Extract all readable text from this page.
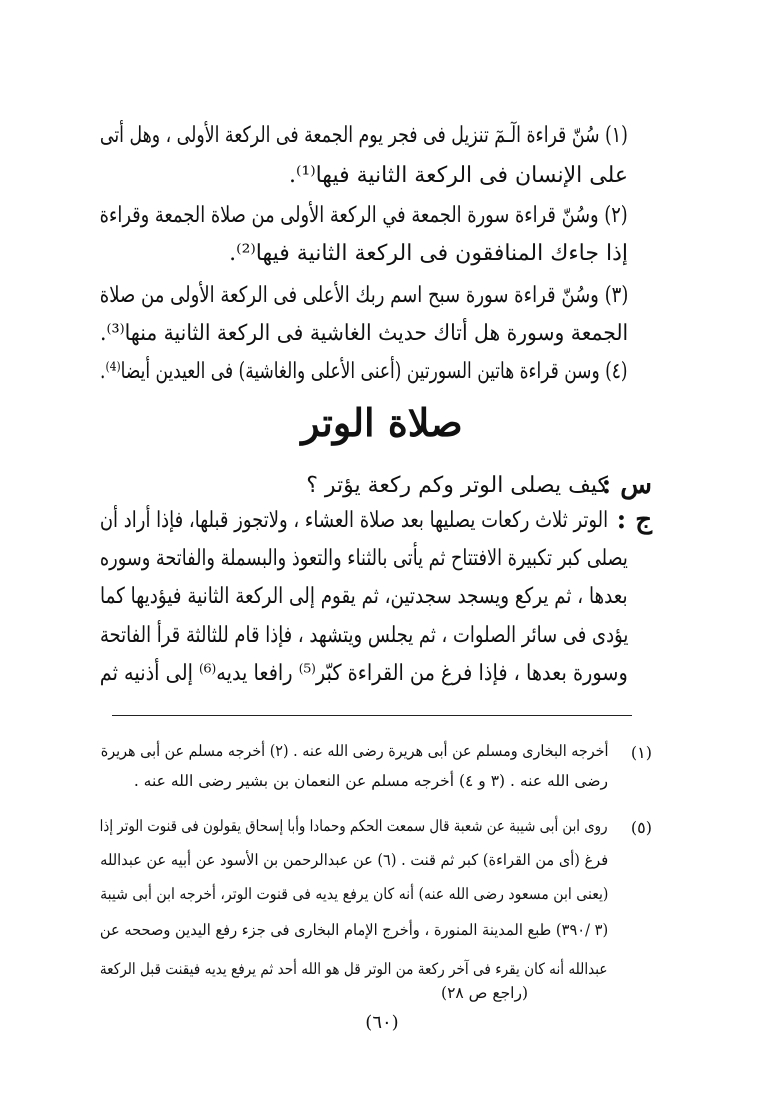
(١) سُنّ قراءة الٓـمٓ تنزيل فى فجر يوم الجمعة فى الركعة الأولى ، وهل أتى
على الإنسان فى الركعة الثانية فيها⁽¹⁾.
(٢) وسُنّ قراءة سورة الجمعة في الركعة الأولى من صلاة الجمعة وقراءة
إذا جاءك المنافقون فى الركعة الثانية فيها⁽²⁾.
(٣) وسُنّ قراءة سورة سبح اسم ربك الأعلى فى الركعة الأولى من صلاة
الجمعة وسورة هل أتاك حديث الغاشية فى الركعة الثانية منها⁽³⁾.
(٤) وسن قراءة هاتين السورتين (أعنى الأعلى والغاشية) فى العيدين أيضا⁽⁴⁾.
صلاة الوتر
س :
كيف يصلى الوتر وكم ركعة يؤتر ؟
ج :
الوتر ثلاث ركعات يصليها بعد صلاة العشاء ، ولاتجوز قبلها، فإذا أراد أن
يصلى كبر تكبيرة الافتتاح ثم يأتى بالثناء والتعوذ والبسملة والفاتحة وسوره
بعدها ، ثم يركع ويسجد سجدتين، ثم يقوم إلى الركعة الثانية فيؤديها كما
يؤدى فى سائر الصلوات ، ثم يجلس ويتشهد ، فإذا قام للثالثة قرأ الفاتحة
وسورة بعدها ، فإذا فرغ من القراءة كبّر⁽⁵⁾ رافعا يديه⁽⁶⁾ إلى أذنيه ثم
(١)
أخرجه البخارى ومسلم عن أبى هريرة رضى الله عنه . (٢) أخرجه مسلم عن أبى هريرة
رضى الله عنه . (٣ و ٤) أخرجه مسلم عن النعمان بن بشير رضى الله عنه .
(٥)
روى ابن أبى شيبة عن شعبة قال سمعت الحكم وحمادا وأبا إسحاق يقولون فى قنوت الوتر إذا
فرغ (أى من القراءة) كبر ثم قنت . (٦) عن عبدالرحمن بن الأسود عن أبيه عن عبدالله
(يعنى ابن مسعود رضى الله عنه) أنه كان يرفع يديه فى قنوت الوتر، أخرجه ابن أبى شيبة
(٣ /٣٩٠) طبع المدينة المنورة ، وأخرج الإمام البخارى فى جزء رفع اليدين وصححه عن
عبدالله أنه كان يقرء فى آخر ركعة من الوتر قل هو الله أحد ثم يرفع يديه فيقنت قبل الركعة
(راجع ص ٢٨)
(٦٠)
